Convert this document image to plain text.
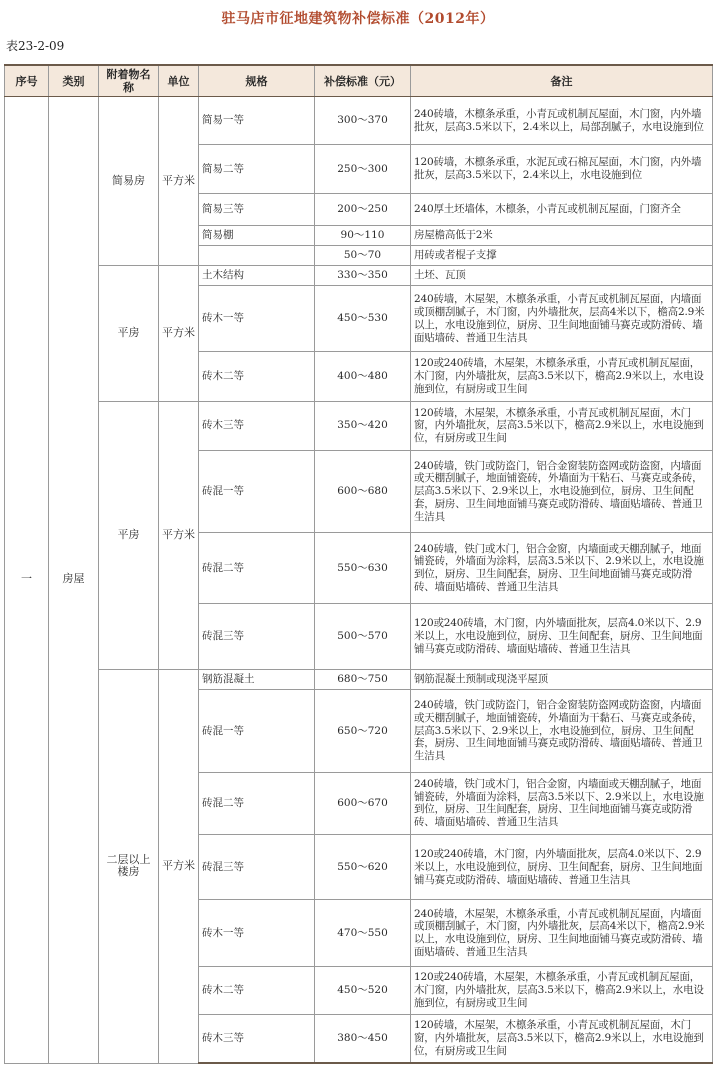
驻马店市征地建筑物补偿标准（2012年）
表23-2-09
序号	类别	附着物名称	单位	规格	补偿标准（元）	备注
一	房屋	简易房	平方米	简易一等	300～370	240砖墙，木檩条承重，小青瓦或机制瓦屋面，木门窗，内外墙批灰，层高3.5米以下，2.4米以上，局部刮腻子，水电设施到位
				简易二等	250～300	120砖墙，木檩条承重，水泥瓦或石棉瓦屋面，木门窗，内外墙批灰，层高3.5米以下，2.4米以上，水电设施到位
				简易三等	200～250	240厚土坯墙体，木檩条，小青瓦或机制瓦屋面，门窗齐全
				简易棚	90～110	房屋檐高低于2米
					50～70	用砖或者棍子支撑
		平房	平方米	土木结构	330～350	土坯、瓦顶
				砖木一等	450～530	240砖墙，木屋架，木檩条承重，小青瓦或机制瓦屋面，内墙面或顶棚刮腻子，木门窗，内外墙批灰，层高4米以下，檐高2.9米以上，水电设施到位，厨房、卫生间地面铺马赛克或防滑砖、墙面贴墙砖、普通卫生洁具
				砖木二等	400～480	120或240砖墙，木屋架，木檩条承重，小青瓦或机制瓦屋面，木门窗，内外墙批灰，层高3.5米以下，檐高2.9米以上，水电设施到位，有厨房或卫生间
		平房	平方米	砖木三等	350～420	120砖墙，木屋架，木檩条承重，小青瓦或机制瓦屋面，木门窗，内外墙批灰，层高3.5米以下，檐高2.9米以上，水电设施到位，有厨房或卫生间
				砖混一等	600～680	240砖墙，铁门或防盗门，铝合金窗装防盗网或防盗窗，内墙面或天棚刮腻子，地面铺瓷砖，外墙面为干粘石、马赛克或条砖，层高3.5米以下、2.9米以上，水电设施到位，厨房、卫生间配套，厨房、卫生间地面铺马赛克或防滑砖、墙面贴墙砖、普通卫生洁具
				砖混二等	550～630	240砖墙，铁门或木门，铝合金窗，内墙面或天棚刮腻子，地面铺瓷砖，外墙面为涂料，层高3.5米以下、2.9米以上，水电设施到位，厨房、卫生间配套，厨房、卫生间地面铺马赛克或防滑砖、墙面贴墙砖、普通卫生洁具
				砖混三等	500～570	120或240砖墙，木门窗，内外墙面批灰，层高4.0米以下、2.9米以上，水电设施到位，厨房、卫生间配套，厨房、卫生间地面铺马赛克或防滑砖、墙面贴墙砖、普通卫生洁具
		二层以上楼房	平方米	钢筋混凝土	680～750	钢筋混凝土预制或现浇平屋顶
				砖混一等	650～720	240砖墙，铁门或防盗门，铝合金窗装防盗网或防盗窗，内墙面或天棚刮腻子，地面铺瓷砖，外墙面为干黏石、马赛克或条砖，层高3.5米以下、2.9米以上，水电设施到位，厨房、卫生间配套，厨房、卫生间地面铺马赛克或防滑砖、墙面贴墙砖、普通卫生洁具
				砖混二等	600～670	240砖墙，铁门或木门，铝合金窗，内墙面或天棚刮腻子，地面铺瓷砖，外墙面为涂料，层高3.5米以下、2.9米以上，水电设施到位，厨房、卫生间配套，厨房、卫生间地面铺马赛克或防滑砖、墙面贴墙砖、普通卫生洁具
				砖混三等	550～620	120或240砖墙，木门窗，内外墙面批灰，层高4.0米以下、2.9米以上，水电设施到位，厨房、卫生间配套，厨房、卫生间地面铺马赛克或防滑砖、墙面贴墙砖、普通卫生洁具
				砖木一等	470～550	240砖墙，木屋架，木檩条承重，小青瓦或机制瓦屋面，内墙面或顶棚刮腻子，木门窗，内外墙批灰，层高4米以下，檐高2.9米以上，水电设施到位，厨房、卫生间地面铺马赛克或防滑砖、墙面贴墙砖、普通卫生洁具
				砖木二等	450～520	120或240砖墙，木屋架，木檩条承重，小青瓦或机制瓦屋面，木门窗，内外墙批灰，层高3.5米以下，檐高2.9米以上，水电设施到位，有厨房或卫生间
				砖木三等	380～450	120砖墙，木屋架，木檩条承重，小青瓦或机制瓦屋面，木门窗，内外墙批灰，层高3.5米以下，檐高2.9米以上，水电设施到位，有厨房或卫生间
